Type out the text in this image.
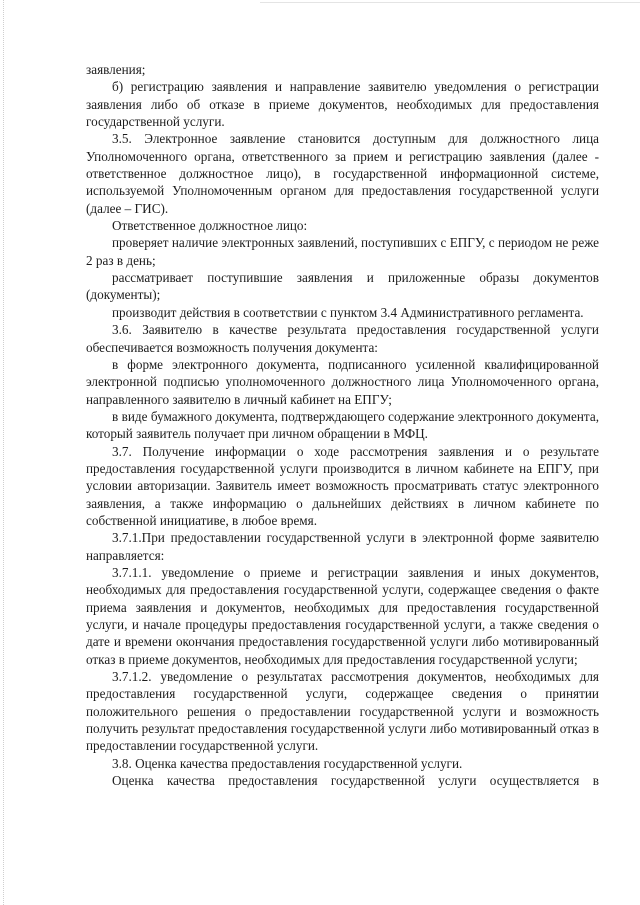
заявления;

б) регистрацию заявления и направление заявителю уведомления о регистрации заявления либо об отказе в приеме документов, необходимых для предоставления государственной услуги.

3.5. Электронное заявление становится доступным для должностного лица Уполномоченного органа, ответственного за прием и регистрацию заявления (далее - ответственное должностное лицо), в государственной информационной системе, используемой Уполномоченным органом для предоставления государственной услуги (далее – ГИС).

Ответственное должностное лицо:

проверяет наличие электронных заявлений, поступивших с ЕПГУ, с периодом не реже 2 раз в день;

рассматривает поступившие заявления и приложенные образы документов (документы);

производит действия в соответствии с пунктом 3.4 Административного регламента.

3.6. Заявителю в качестве результата предоставления государственной услуги обеспечивается возможность получения документа:

в форме электронного документа, подписанного усиленной квалифицированной электронной подписью уполномоченного должностного лица Уполномоченного органа, направленного заявителю в личный кабинет на ЕПГУ;

в виде бумажного документа, подтверждающего содержание электронного документа, который заявитель получает при личном обращении в МФЦ.

3.7. Получение информации о ходе рассмотрения заявления и о результате предоставления государственной услуги производится в личном кабинете на ЕПГУ, при условии авторизации. Заявитель имеет возможность просматривать статус электронного заявления, а также информацию о дальнейших действиях в личном кабинете по собственной инициативе, в любое время.

3.7.1.При предоставлении государственной услуги в электронной форме заявителю направляется:

3.7.1.1. уведомление о приеме и регистрации заявления и иных документов, необходимых для предоставления государственной услуги, содержащее сведения о факте приема заявления и документов, необходимых для предоставления государственной услуги, и начале процедуры предоставления государственной услуги, а также сведения о дате и времени окончания предоставления государственной услуги либо мотивированный отказ в приеме документов, необходимых для предоставления государственной услуги;

3.7.1.2. уведомление о результатах рассмотрения документов, необходимых для предоставления государственной услуги, содержащее сведения о принятии положительного решения о предоставлении государственной услуги и возможность получить результат предоставления государственной услуги либо мотивированный отказ в предоставлении государственной услуги.

3.8. Оценка качества предоставления государственной услуги.

Оценка качества предоставления государственной услуги осуществляется в
